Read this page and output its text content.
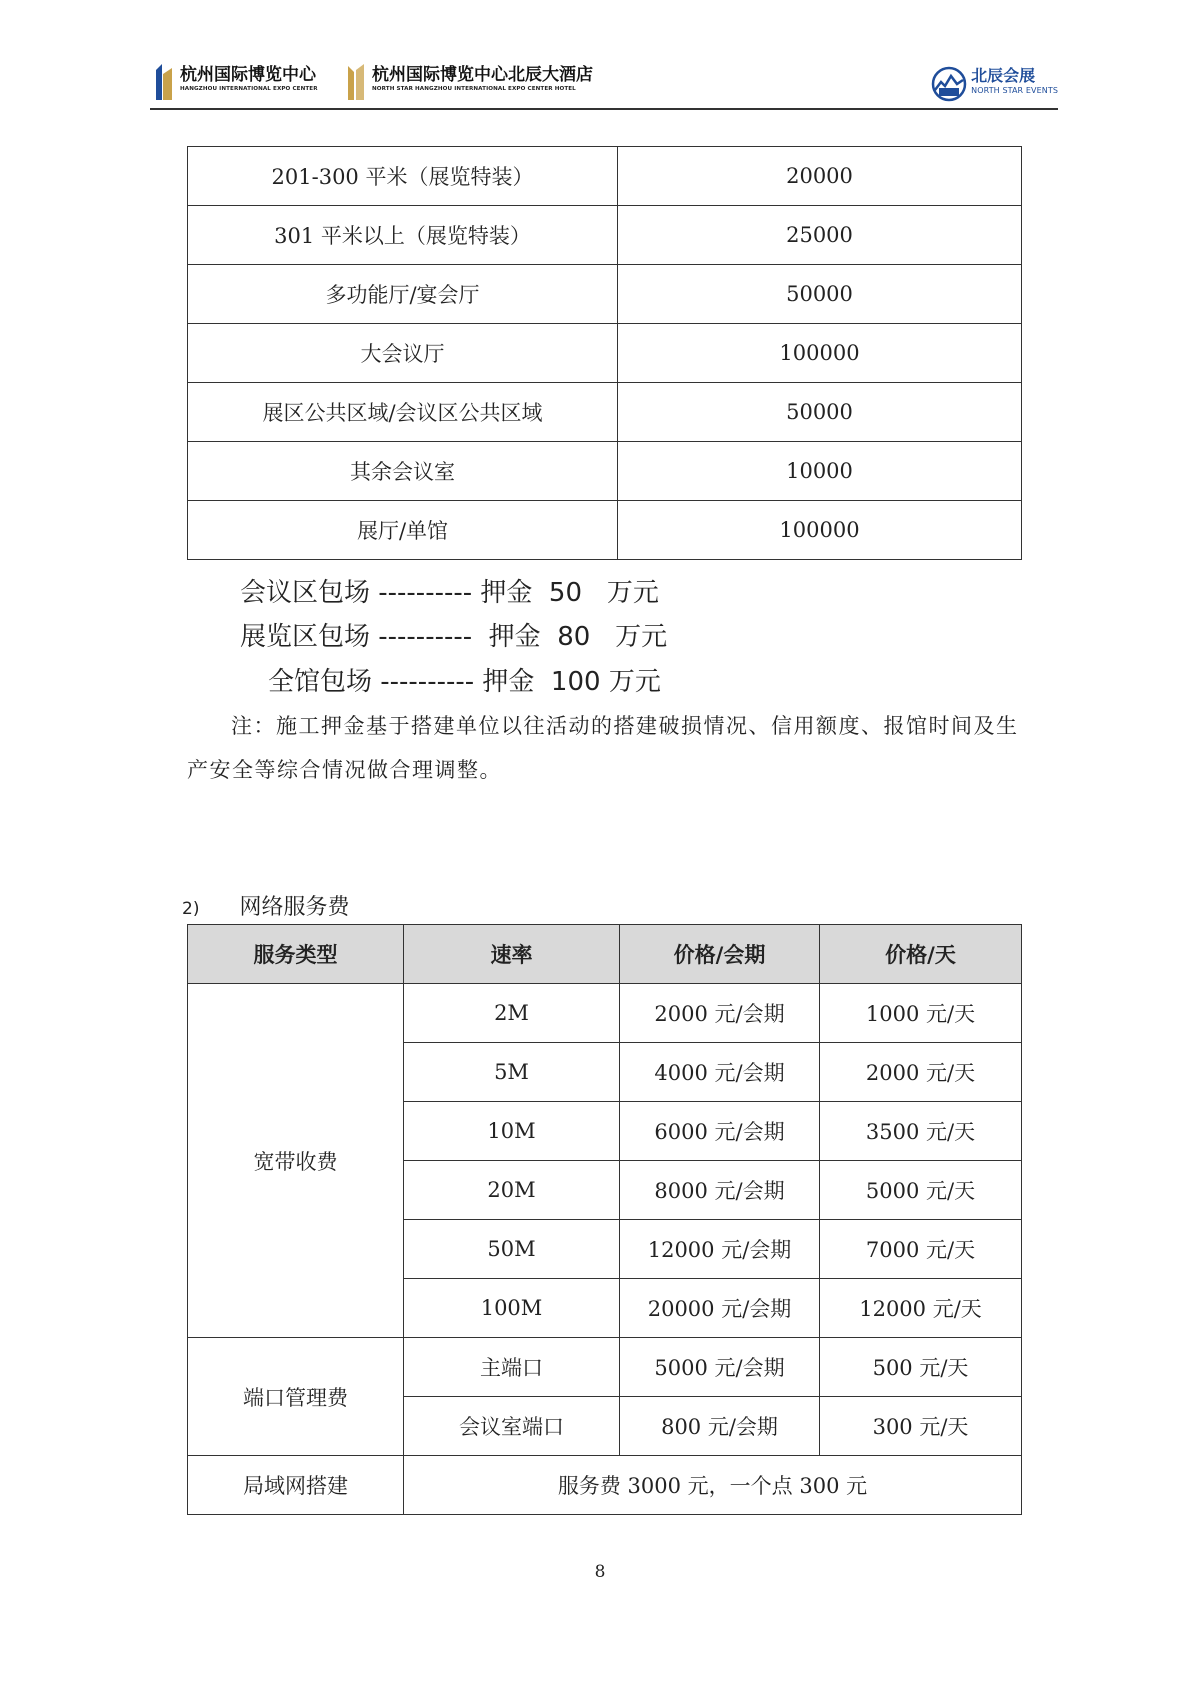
杭州国际博览中心
HANGZHOU INTERNATIONAL EXPO CENTER
杭州国际博览中心北辰大酒店
NORTH STAR HANGZHOU INTERNATIONAL EXPO CENTER HOTEL
北辰会展
NORTH STAR EVENTS
201-300 平米（展览特装）	20000
301 平米以上（展览特装）	25000
多功能厅/宴会厅	50000
大会议厅	100000
展区公共区域/会议区公共区域	50000
其余会议室	10000
展厅/单馆	100000
会议区包场 ---------- 押金 50 万元
展览区包场 ---------- 押金 80 万元
全馆包场 ---------- 押金 100 万元
注：施工押金基于搭建单位以往活动的搭建破损情况、信用额度、报馆时间及生产安全等综合情况做合理调整。
2) 网络服务费
服务类型	速率	价格/会期	价格/天
宽带收费	2M	2000 元/会期	1000 元/天
	5M	4000 元/会期	2000 元/天
	10M	6000 元/会期	3500 元/天
	20M	8000 元/会期	5000 元/天
	50M	12000 元/会期	7000 元/天
	100M	20000 元/会期	12000 元/天
端口管理费	主端口	5000 元/会期	500 元/天
	会议室端口	800 元/会期	300 元/天
局域网搭建	服务费 3000 元，一个点 300 元		
8
